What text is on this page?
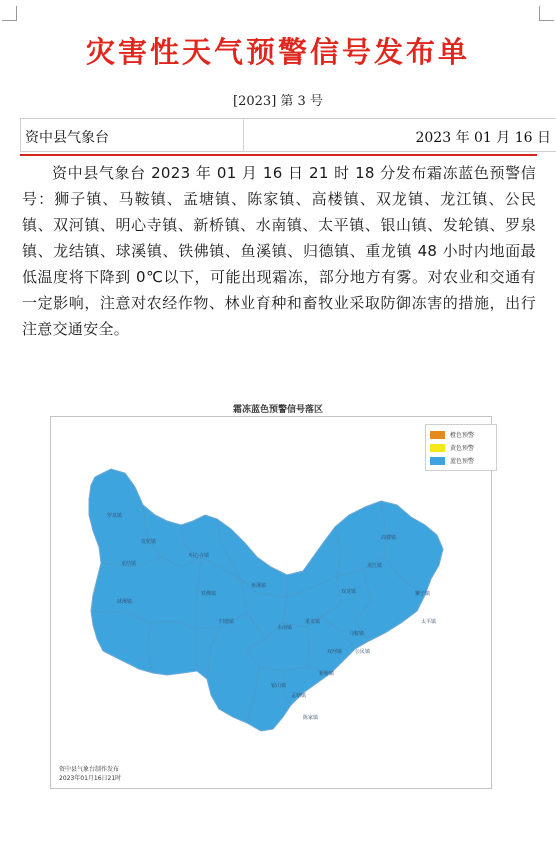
灾害性天气预警信号发布单
[2023] 第 3 号
资中县气象台	2023 年 01 月 16 日

资中县气象台 2023 年 01 月 16 日 21 时 18 分发布霜冻蓝色预警信号：狮子镇、马鞍镇、孟塘镇、陈家镇、高楼镇、双龙镇、龙江镇、公民镇、双河镇、明心寺镇、新桥镇、水南镇、太平镇、银山镇、发轮镇、罗泉镇、龙结镇、球溪镇、铁佛镇、鱼溪镇、归德镇、重龙镇 48 小时内地面最低温度将下降到 0℃以下，可能出现霜冻，部分地方有雾。对农业和交通有一定影响，注意对农经作物、林业育种和畜牧业采取防御冻害的措施，出行注意交通安全。

霜冻蓝色预警信号落区
罗泉镇
龙结镇
球溪镇
发轮镇
明心寺镇
铁佛镇
归德镇
鱼溪镇
重龙镇
水南镇
双龙镇
龙江镇
高楼镇
狮子镇
太平镇
公民镇
双河镇
马鞍镇
孟塘镇
陈家镇
银山镇
新桥镇
橙色预警
黄色预警
蓝色预警
资中县气象台制作发布
2023年01月16日21时
